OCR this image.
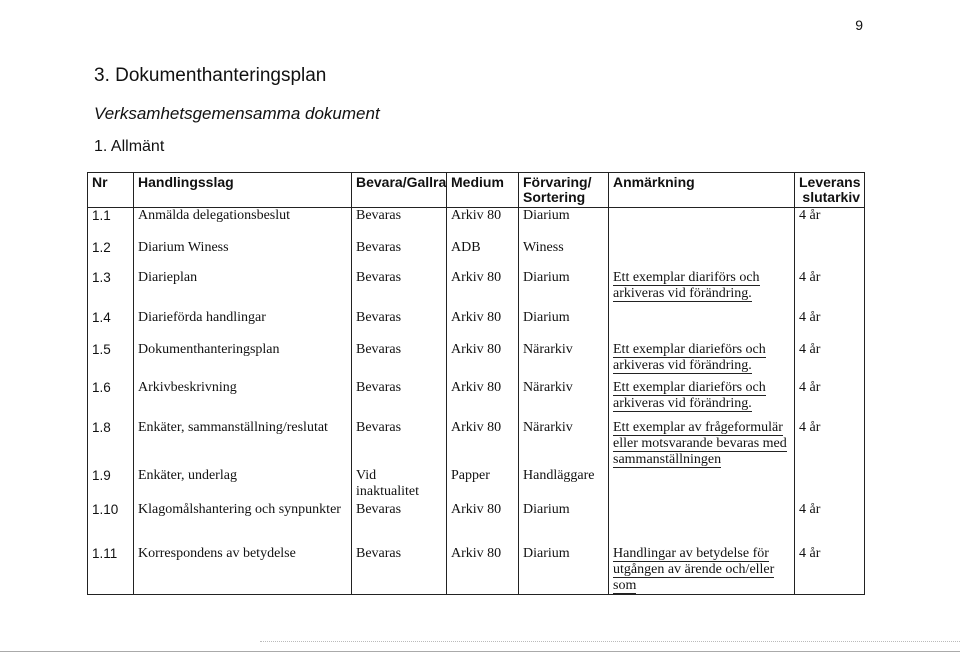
9
3. Dokumenthanteringsplan
Verksamhetsgemensamma dokument
1. Allmänt
Nr	Handlingsslag	Bevara/Gallra	Medium	Förvaring/ Sortering	Anmärkning	Leverans slutarkiv
1.1	Anmälda delegationsbeslut	Bevaras	Arkiv 80	Diarium		4 år
1.2	Diarium Winess	Bevaras	ADB	Winess		
1.3	Diarieplan	Bevaras	Arkiv 80	Diarium	Ett exemplar diariförs och arkiveras vid förändring.	4 år
1.4	Diarieförda handlingar	Bevaras	Arkiv 80	Diarium		4 år
1.5	Dokumenthanteringsplan	Bevaras	Arkiv 80	Närarkiv	Ett exemplar diarieförs och arkiveras vid förändring.	4 år
1.6	Arkivbeskrivning	Bevaras	Arkiv 80	Närarkiv	Ett exemplar diarieförs och arkiveras vid förändring.	4 år
1.8	Enkäter, sammanställning/reslutat	Bevaras	Arkiv 80	Närarkiv	Ett exemplar av frågeformulär eller motsvarande bevaras med sammanställningen	4 år
1.9	Enkäter, underlag	Vid inaktualitet	Papper	Handläggare		
1.10	Klagomålshantering och synpunkter	Bevaras	Arkiv 80	Diarium		4 år
1.11	Korrespondens av betydelse	Bevaras	Arkiv 80	Diarium	Handlingar av betydelse för utgången av ärende och/eller som	4 år
